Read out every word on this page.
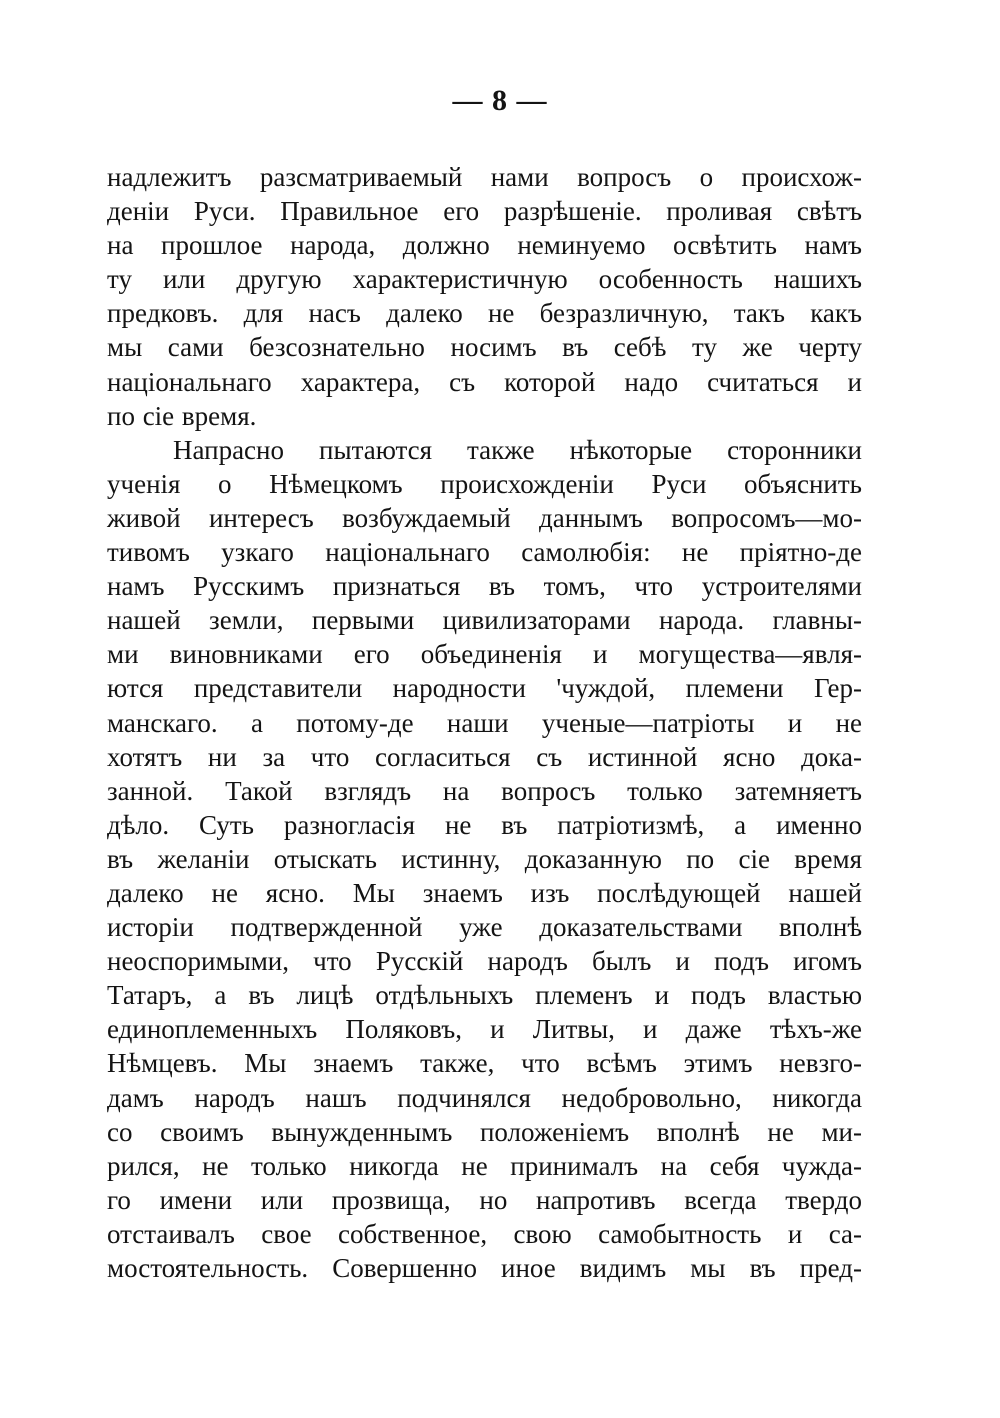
— 8 —
надлежитъ разсматриваемый нами вопросъ о происхож-
деніи Руси. Правильное его разрѣшеніе. проливая свѣтъ
на прошлое народа, должно неминуемо освѣтить намъ
ту или другую характеристичную особенность нашихъ
предковъ. для насъ далеко не безразличную, такъ какъ
мы сами безсознательно носимъ въ себѣ ту же черту
національнаго характера, съ которой надо считаться и
по сіе время.
Напрасно пытаются также нѣкоторые сторонники
ученія о Нѣмецкомъ происхожденіи Руси объяснить
живой интересъ возбуждаемый даннымъ вопросомъ—мо-
тивомъ узкаго національнаго самолюбія: не пріятно-де
намъ Русскимъ признаться въ томъ, что устроителями
нашей земли, первыми цивилизаторами народа. главны-
ми виновниками его объединенія и могущества—явля-
ются представители народности 'чуждой, племени Гер-
манскаго. а потому-де наши ученые—патріоты и не
хотятъ ни за что согласиться съ истинной ясно дока-
занной. Такой взглядъ на вопросъ только затемняетъ
дѣло. Суть разногласія не въ патріотизмѣ, а именно
въ желаніи отыскать истинну, доказанную по сіе время
далеко не ясно. Мы знаемъ изъ послѣдующей нашей
исторіи подтвержденной уже доказательствами вполнѣ
неоспоримыми, что Русскій народъ былъ и подъ игомъ
Татаръ, а въ лицѣ отдѣльныхъ племенъ и подъ властью
единоплеменныхъ Поляковъ, и Литвы, и даже тѣхъ-же
Нѣмцевъ. Мы знаемъ также, что всѣмъ этимъ невзго-
дамъ народъ нашъ подчинялся недобровольно, никогда
со своимъ вынужденнымъ положеніемъ вполнѣ не ми-
рился, не только никогда не принималъ на себя чужда-
го имени или прозвища, но напротивъ всегда твердо
отстаивалъ свое собственное, свою самобытность и са-
мостоятельность. Совершенно иное видимъ мы въ пред-
